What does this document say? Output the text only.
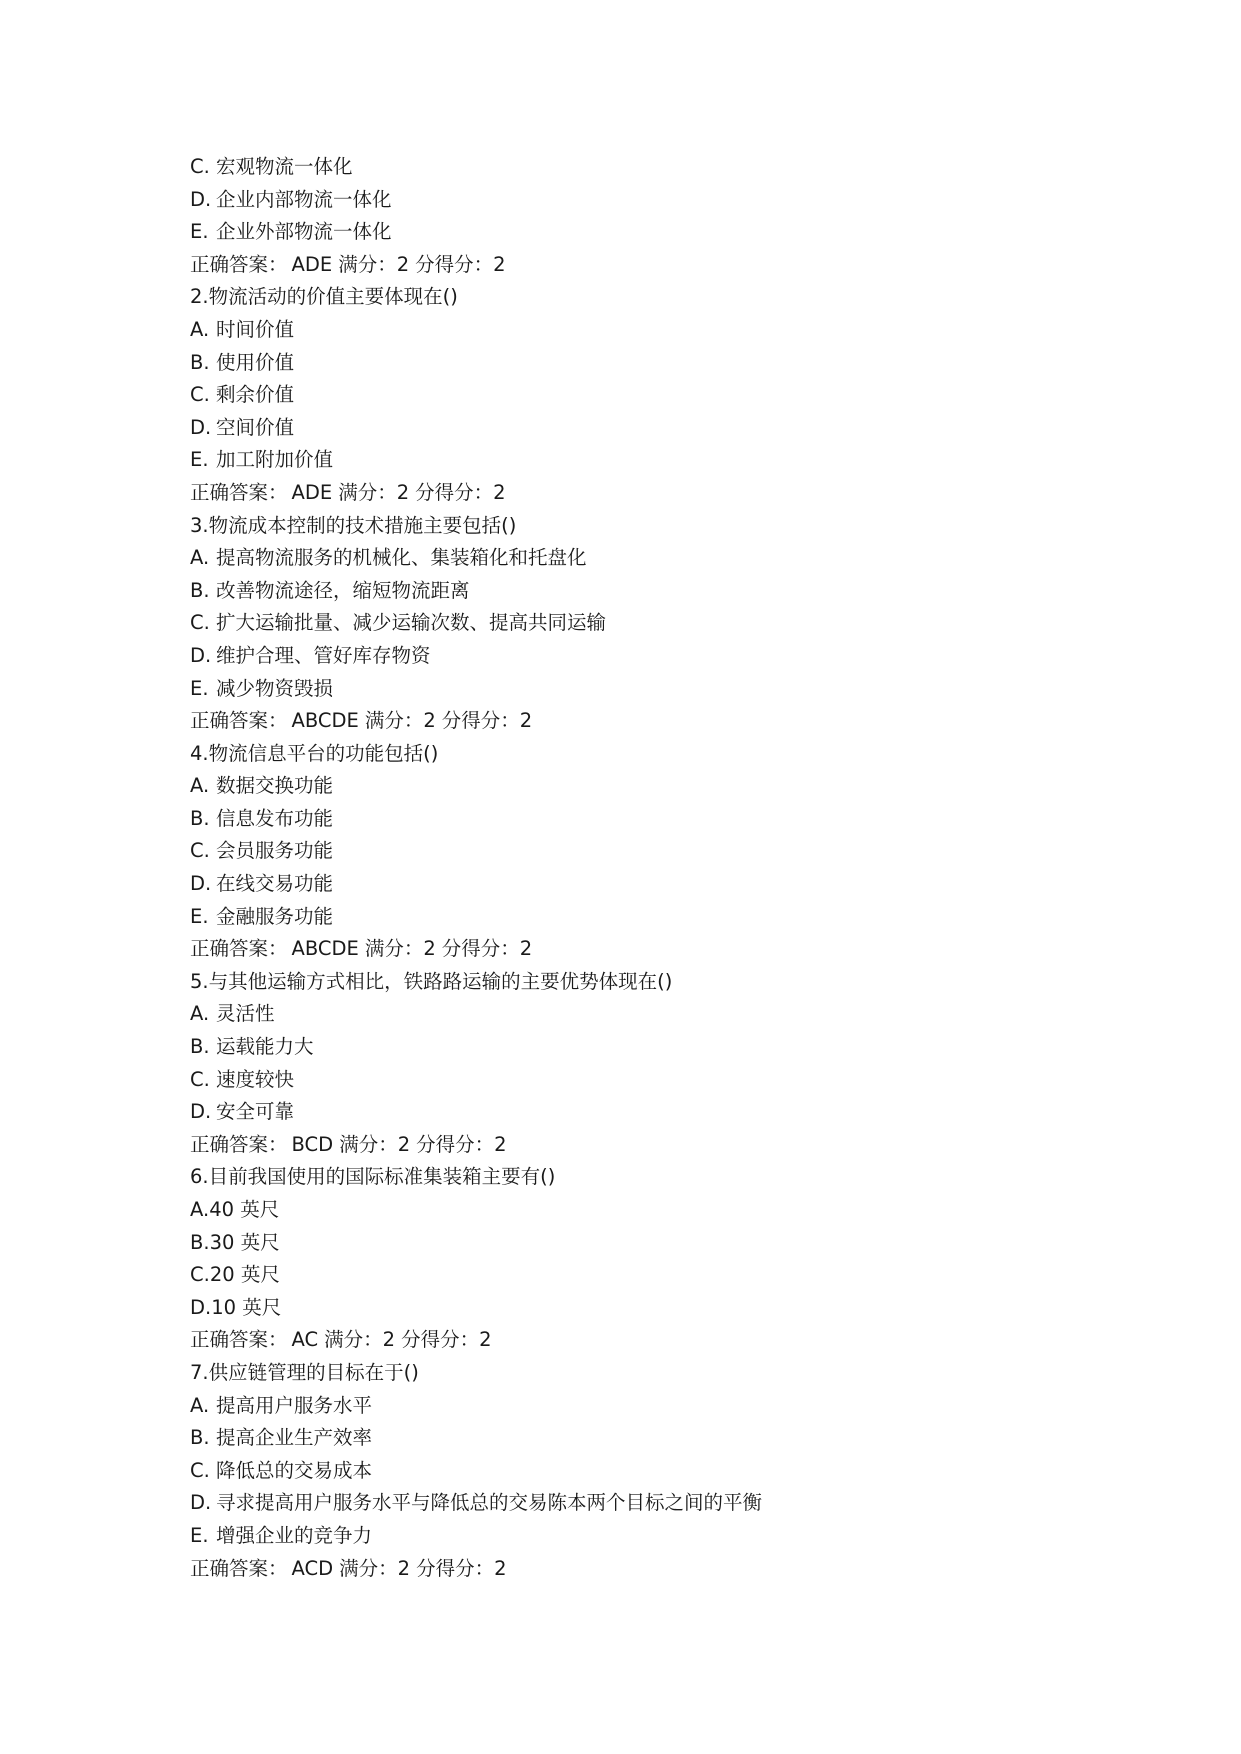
C. 宏观物流一体化
D. 企业内部物流一体化
E. 企业外部物流一体化
正确答案： ADE 满分：2 分得分：2
2.物流活动的价值主要体现在()
A. 时间价值
B. 使用价值
C. 剩余价值
D. 空间价值
E. 加工附加价值
正确答案： ADE 满分：2 分得分：2
3.物流成本控制的技术措施主要包括()
A. 提高物流服务的机械化、集装箱化和托盘化
B. 改善物流途径，缩短物流距离
C. 扩大运输批量、减少运输次数、提高共同运输
D. 维护合理、管好库存物资
E. 减少物资毁损
正确答案： ABCDE 满分：2 分得分：2
4.物流信息平台的功能包括()
A. 数据交换功能
B. 信息发布功能
C. 会员服务功能
D. 在线交易功能
E. 金融服务功能
正确答案： ABCDE 满分：2 分得分：2
5.与其他运输方式相比，铁路路运输的主要优势体现在()
A. 灵活性
B. 运载能力大
C. 速度较快
D. 安全可靠
正确答案： BCD 满分：2 分得分：2
6.目前我国使用的国际标准集装箱主要有()
A.40 英尺
B.30 英尺
C.20 英尺
D.10 英尺
正确答案： AC 满分：2 分得分：2
7.供应链管理的目标在于()
A. 提高用户服务水平
B. 提高企业生产效率
C. 降低总的交易成本
D. 寻求提高用户服务水平与降低总的交易陈本两个目标之间的平衡
E. 增强企业的竞争力
正确答案： ACD 满分：2 分得分：2
